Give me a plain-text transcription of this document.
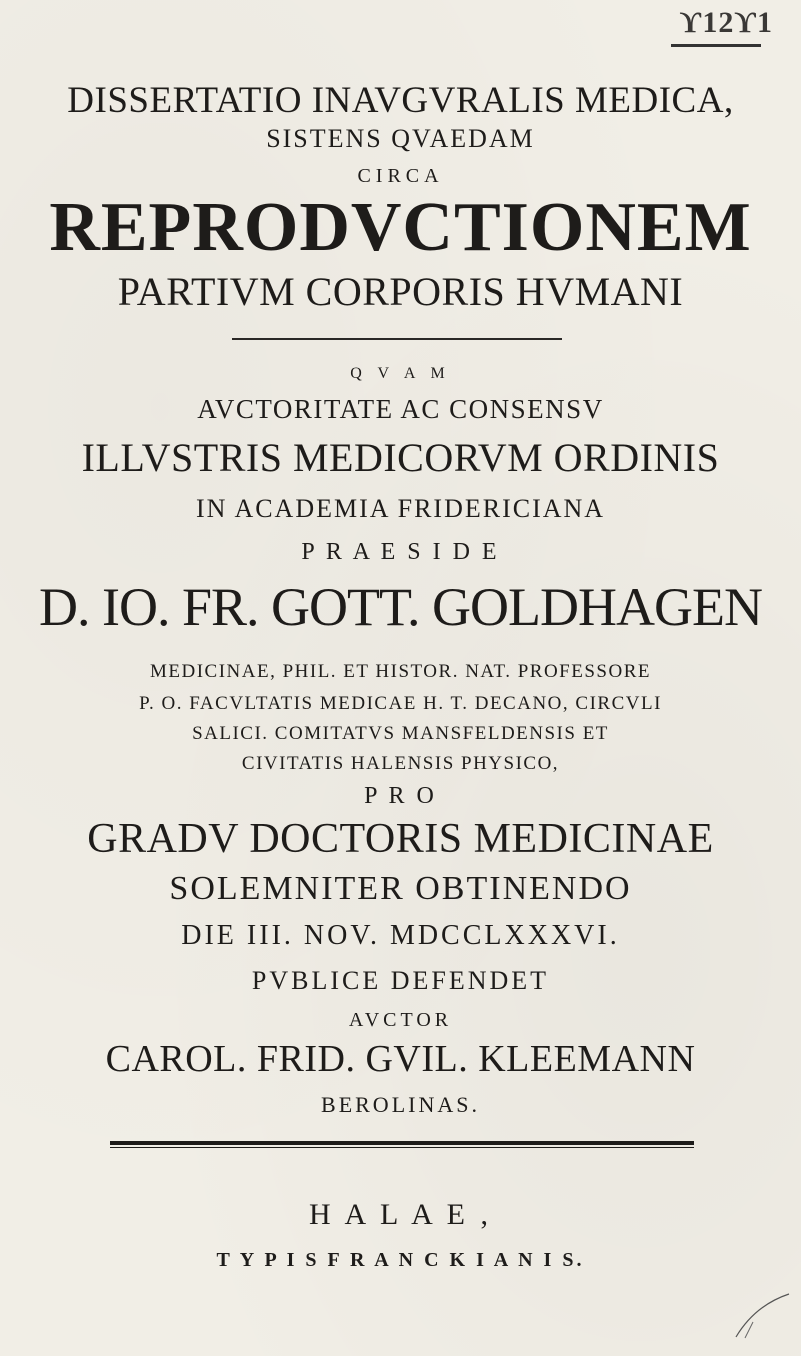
ϒ12ϒ1
DISSERTATIO INAVGVRALIS MEDICA,
SISTENS QVAEDAM
CIRCA
REPRODVCTIONEM
PARTIVM CORPORIS HVMANI
Q V A M
AVCTORITATE AC CONSENSV
ILLVSTRIS MEDICORVM ORDINIS
IN ACADEMIA FRIDERICIANA
P R A E S I D E
D. IO. FR. GOTT. GOLDHAGEN
MEDICINAE, PHIL. ET HISTOR. NAT. PROFESSORE
P. O. FACVLTATIS MEDICAE H. T. DECANO, CIRCVLI
SALICI. COMITATVS MANSFELDENSIS ET
CIVITATIS HALENSIS PHYSICO,
P R O
GRADV DOCTORIS MEDICINAE
SOLEMNITER OBTINENDO
DIE III. NOV. MDCCLXXXVI.
PVBLICE DEFENDET
AVCTOR
CAROL. FRID. GVIL. KLEEMANN
BEROLINAS.
H A L A E ,
T Y P I S F R A N C K I A N I S.
